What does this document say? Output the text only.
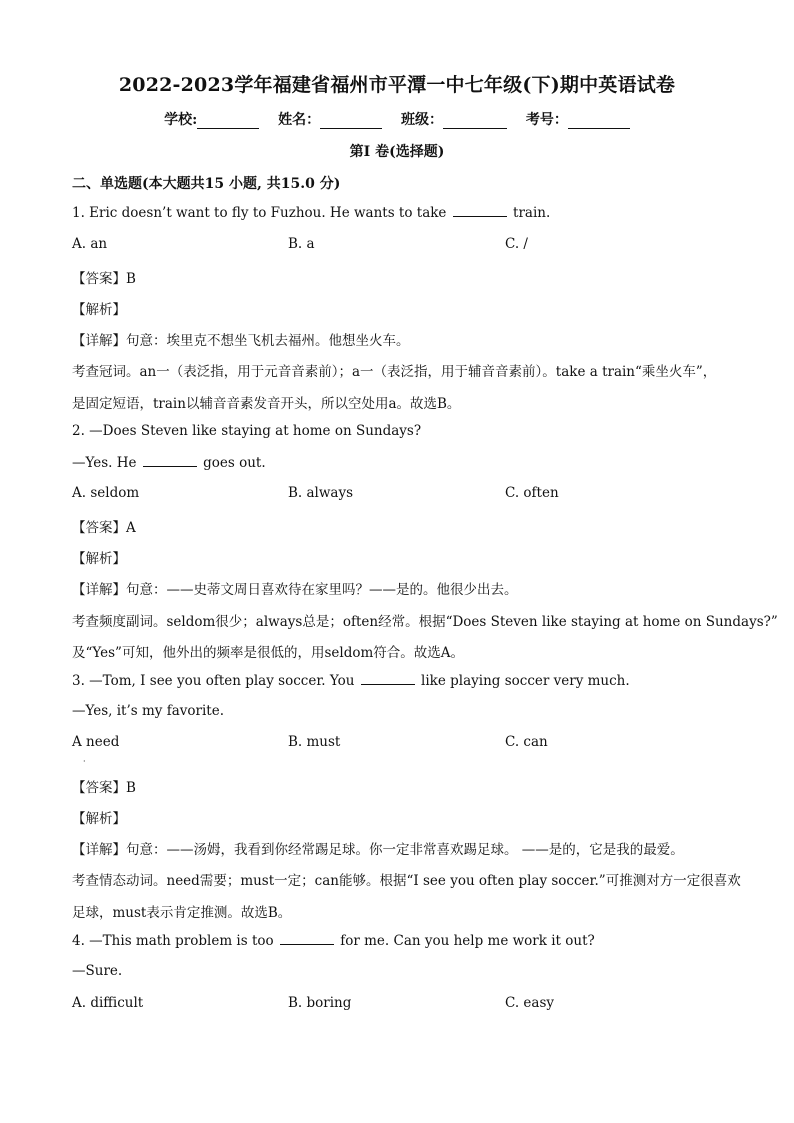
2022-2023学年福建省福州市平潭一中七年级(下)期中英语试卷
学校:	姓名：	班级：	考号：
第I 卷(选择题)
二、单选题(本大题共15 小题, 共15.0 分)
1. Eric doesn’t want to fly to Fuzhou. He wants to take	train.
A. an	B. a	C. /
【答案】B
【解析】
【详解】句意：埃里克不想坐飞机去福州。他想坐火车。
考查冠词。an一（表泛指，用于元音音素前）；a一（表泛指，用于辅音音素前）。take a train“乘坐火车”，
是固定短语，train以辅音音素发音开头，所以空处用a。故选B。
2. —Does Steven like staying at home on Sundays?
—Yes. He	goes out.
A. seldom	B. always	C. often
【答案】A
【解析】
【详解】句意：——史蒂文周日喜欢待在家里吗？——是的。他很少出去。
考查频度副词。seldom很少；always总是；often经常。根据“Does Steven like staying at home on Sundays?”
及“Yes”可知，他外出的频率是很低的，用seldom符合。故选A。
3. —Tom, I see you often play soccer. You	like playing soccer very much.
—Yes, it’s my favorite.
A need	B. must	C. can
·
【答案】B
【解析】
【详解】句意：——汤姆，我看到你经常踢足球。你一定非常喜欢踢足球。 ——是的，它是我的最爱。
考查情态动词。need需要；must一定；can能够。根据“I see you often play soccer.”可推测对方一定很喜欢
足球，must表示肯定推测。故选B。
4. —This math problem is too	for me. Can you help me work it out?
—Sure.
A. difficult	B. boring	C. easy
